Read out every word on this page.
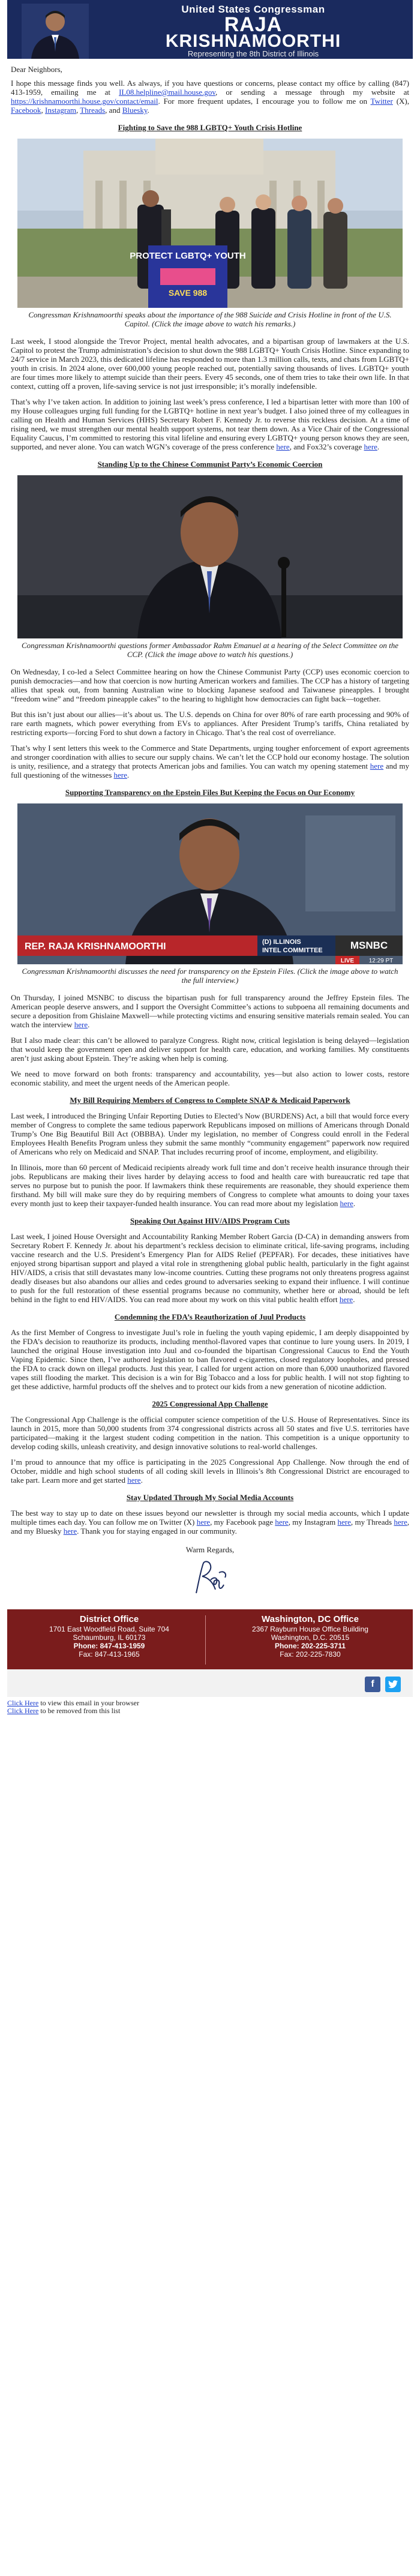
United States Congressman
RAJA
KRISHNAMOORTHI
Representing the 8th District of Illinois

Dear Neighbors,

I hope this message finds you well. As always, if you have questions or concerns, please contact my office by calling (847) 413-1959, emailing me at IL08.helpline@mail.house.gov, or sending a message through my website at https://krishnamoorthi.house.gov/contact/email. For more frequent updates, I encourage you to follow me on Twitter (X), Facebook, Instagram, Threads, and Bluesky.

Fighting to Save the 988 LGBTQ+ Youth Crisis Hotline
PROTECT LGBTQ+ YOUTH
SAVE 988
Congressman Krishnamoorthi speaks about the importance of the 988 Suicide and Crisis Hotline in front of the U.S. Capitol. (Click the image above to watch his remarks.)

Last week, I stood alongside the Trevor Project, mental health advocates, and a bipartisan group of lawmakers at the U.S. Capitol to protest the Trump administration’s decision to shut down the 988 LGBTQ+ Youth Crisis Hotline. Since expanding to 24/7 service in March 2023, this dedicated lifeline has responded to more than 1.3 million calls, texts, and chats from LGBTQ+ youth in crisis. In 2024 alone, over 600,000 young people reached out, potentially saving thousands of lives. LGBTQ+ youth are four times more likely to attempt suicide than their peers. Every 45 seconds, one of them tries to take their own life. In that context, cutting off a proven, life-saving service is not just irresponsible; it’s morally indefensible.

That’s why I’ve taken action. In addition to joining last week’s press conference, I led a bipartisan letter with more than 100 of my House colleagues urging full funding for the LGBTQ+ hotline in next year’s budget. I also joined three of my colleagues in calling on Health and Human Services (HHS) Secretary Robert F. Kennedy Jr. to reverse this reckless decision. At a time of rising need, we must strengthen our mental health support systems, not tear them down. As a Vice Chair of the Congressional Equality Caucus, I’m committed to restoring this vital lifeline and ensuring every LGBTQ+ young person knows they are seen, supported, and never alone. You can watch WGN’s coverage of the press conference here, and Fox32’s coverage here.

Standing Up to the Chinese Communist Party’s Economic Coercion
Congressman Krishnamoorthi questions former Ambassador Rahm Emanuel at a hearing of the Select Committee on the CCP. (Click the image above to watch his questions.)

On Wednesday, I co-led a Select Committee hearing on how the Chinese Communist Party (CCP) uses economic coercion to punish democracies—and how that coercion is now hurting American workers and families. The CCP has a history of targeting allies that speak out, from banning Australian wine to blocking Japanese seafood and Taiwanese pineapples. I brought “freedom wine” and “freedom pineapple cakes” to the hearing to highlight how democracies can fight back—together.

But this isn’t just about our allies—it’s about us. The U.S. depends on China for over 80% of rare earth processing and 90% of rare earth magnets, which power everything from EVs to appliances. After President Trump’s tariffs, China retaliated by restricting exports—forcing Ford to shut down a factory in Chicago. That’s the real cost of overreliance.

That’s why I sent letters this week to the Commerce and State Departments, urging tougher enforcement of export agreements and stronger coordination with allies to secure our supply chains. We can’t let the CCP hold our economy hostage. The solution is unity, resilience, and a strategy that protects American jobs and families. You can watch my opening statement here and my full questioning of the witnesses here.

Supporting Transparency on the Epstein Files But Keeping the Focus on Our Economy
REP. RAJA KRISHNAMOORTHI	(D) ILLINOIS
INTEL COMMITTEE	MSNBC
LIVE 12:29 PT
Congressman Krishnamoorthi discusses the need for transparency on the Epstein Files. (Click the image above to watch the full interview.)

On Thursday, I joined MSNBC to discuss the bipartisan push for full transparency around the Jeffrey Epstein files. The American people deserve answers, and I support the Oversight Committee’s actions to subpoena all remaining documents and secure a deposition from Ghislaine Maxwell—while protecting victims and ensuring sensitive materials remain sealed. You can watch the interview here.

But I also made clear: this can’t be allowed to paralyze Congress. Right now, critical legislation is being delayed—legislation that would keep the government open and deliver support for health care, education, and working families. My constituents aren’t just asking about Epstein. They’re asking when help is coming.

We need to move forward on both fronts: transparency and accountability, yes—but also action to lower costs, restore economic stability, and meet the urgent needs of the American people.

My Bill Requiring Members of Congress to Complete SNAP & Medicaid Paperwork

Last week, I introduced the Bringing Unfair Reporting Duties to Elected’s Now (BURDENS) Act, a bill that would force every member of Congress to complete the same tedious paperwork Republicans imposed on millions of Americans through Donald Trump’s One Big Beautiful Bill Act (OBBBA). Under my legislation, no member of Congress could enroll in the Federal Employees Health Benefits Program unless they submit the same monthly “community engagement” paperwork now required of Americans who rely on Medicaid and SNAP. That includes recurring proof of income, employment, and eligibility.

In Illinois, more than 60 percent of Medicaid recipients already work full time and don’t receive health insurance through their jobs. Republicans are making their lives harder by delaying access to food and health care with bureaucratic red tape that serves no purpose but to punish the poor. If lawmakers think these requirements are reasonable, they should experience them firsthand. My bill will make sure they do by requiring members of Congress to complete what amounts to doing your taxes every month just to keep their taxpayer-funded health insurance. You can read more about my legislation here.

Speaking Out Against HIV/AIDS Program Cuts

Last week, I joined House Oversight and Accountability Ranking Member Robert Garcia (D-CA) in demanding answers from Secretary Robert F. Kennedy Jr. about his department’s reckless decision to eliminate critical, life-saving programs, including vaccine research and the U.S. President’s Emergency Plan for AIDS Relief (PEPFAR). For decades, these initiatives have enjoyed strong bipartisan support and played a vital role in strengthening global public health, particularly in the fight against HIV/AIDS, a crisis that still devastates many low-income countries. Cutting these programs not only threatens progress against deadly diseases but also abandons our allies and cedes ground to adversaries seeking to expand their influence. I will continue to push for the full restoration of these essential programs because no community, whether here or abroad, should be left behind in the fight to end HIV/AIDS. You can read more about my work on this vital public health effort here.

Condemning the FDA’s Reauthorization of Juul Products

As the first Member of Congress to investigate Juul’s role in fueling the youth vaping epidemic, I am deeply disappointed by the FDA’s decision to reauthorize its products, including menthol-flavored vapes that continue to lure young users. In 2019, I launched the original House investigation into Juul and co-founded the bipartisan Congressional Caucus to End the Youth Vaping Epidemic. Since then, I’ve authored legislation to ban flavored e-cigarettes, closed regulatory loopholes, and pressed the FDA to crack down on illegal products. Just this year, I called for urgent action on more than 6,000 unauthorized flavored vapes still flooding the market. This decision is a win for Big Tobacco and a loss for public health. I will not stop fighting to get these addictive, harmful products off the shelves and to protect our kids from a new generation of nicotine addiction.

2025 Congressional App Challenge

The Congressional App Challenge is the official computer science competition of the U.S. House of Representatives. Since its launch in 2015, more than 50,000 students from 374 congressional districts across all 50 states and five U.S. territories have participated—making it the largest student coding competition in the nation. This competition is a unique opportunity to develop coding skills, unleash creativity, and design innovative solutions to real-world challenges.

I’m proud to announce that my office is participating in the 2025 Congressional App Challenge. Now through the end of October, middle and high school students of all coding skill levels in Illinois’s 8th Congressional District are encouraged to take part. Learn more and get started here.

Stay Updated Through My Social Media Accounts

The best way to stay up to date on these issues beyond our newsletter is through my social media accounts, which I update multiple times each day. You can follow me on Twitter (X) here, my Facebook page here, my Instagram here, my Threads here, and my Bluesky here. Thank you for staying engaged in our community.

Warm Regards,

District Office
1701 East Woodfield Road, Suite 704
Schaumburg, IL 60173
Phone: 847-413-1959
Fax: 847-413-1965
Washington, DC Office
2367 Rayburn House Office Building
Washington, D.C. 20515
Phone: 202-225-3711
Fax: 202-225-7830
f
Click Here to view this email in your browser
Click Here to be removed from this list
